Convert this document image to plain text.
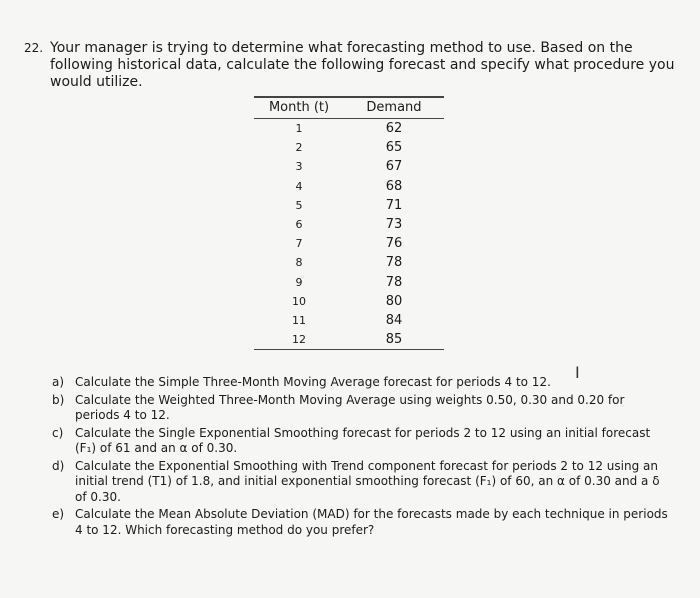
22. Your manager is trying to determine what forecasting method to use. Based on the following historical data, calculate the following forecast and specify what procedure you would utilize.
Month (t)	Demand
1	62
2	65
3	67
4	68
5	71
6	73
7	76
8	78
9	78
10	80
11	84
12	85
I
a) Calculate the Simple Three-Month Moving Average forecast for periods 4 to 12.
b) Calculate the Weighted Three-Month Moving Average using weights 0.50, 0.30 and 0.20 for periods 4 to 12.
c) Calculate the Single Exponential Smoothing forecast for periods 2 to 12 using an initial forecast (F₁) of 61 and an α of 0.30.
d) Calculate the Exponential Smoothing with Trend component forecast for periods 2 to 12 using an initial trend (T1) of 1.8, and initial exponential smoothing forecast (F₁) of 60, an α of 0.30 and a δ of 0.30.
e) Calculate the Mean Absolute Deviation (MAD) for the forecasts made by each technique in periods 4 to 12. Which forecasting method do you prefer?
